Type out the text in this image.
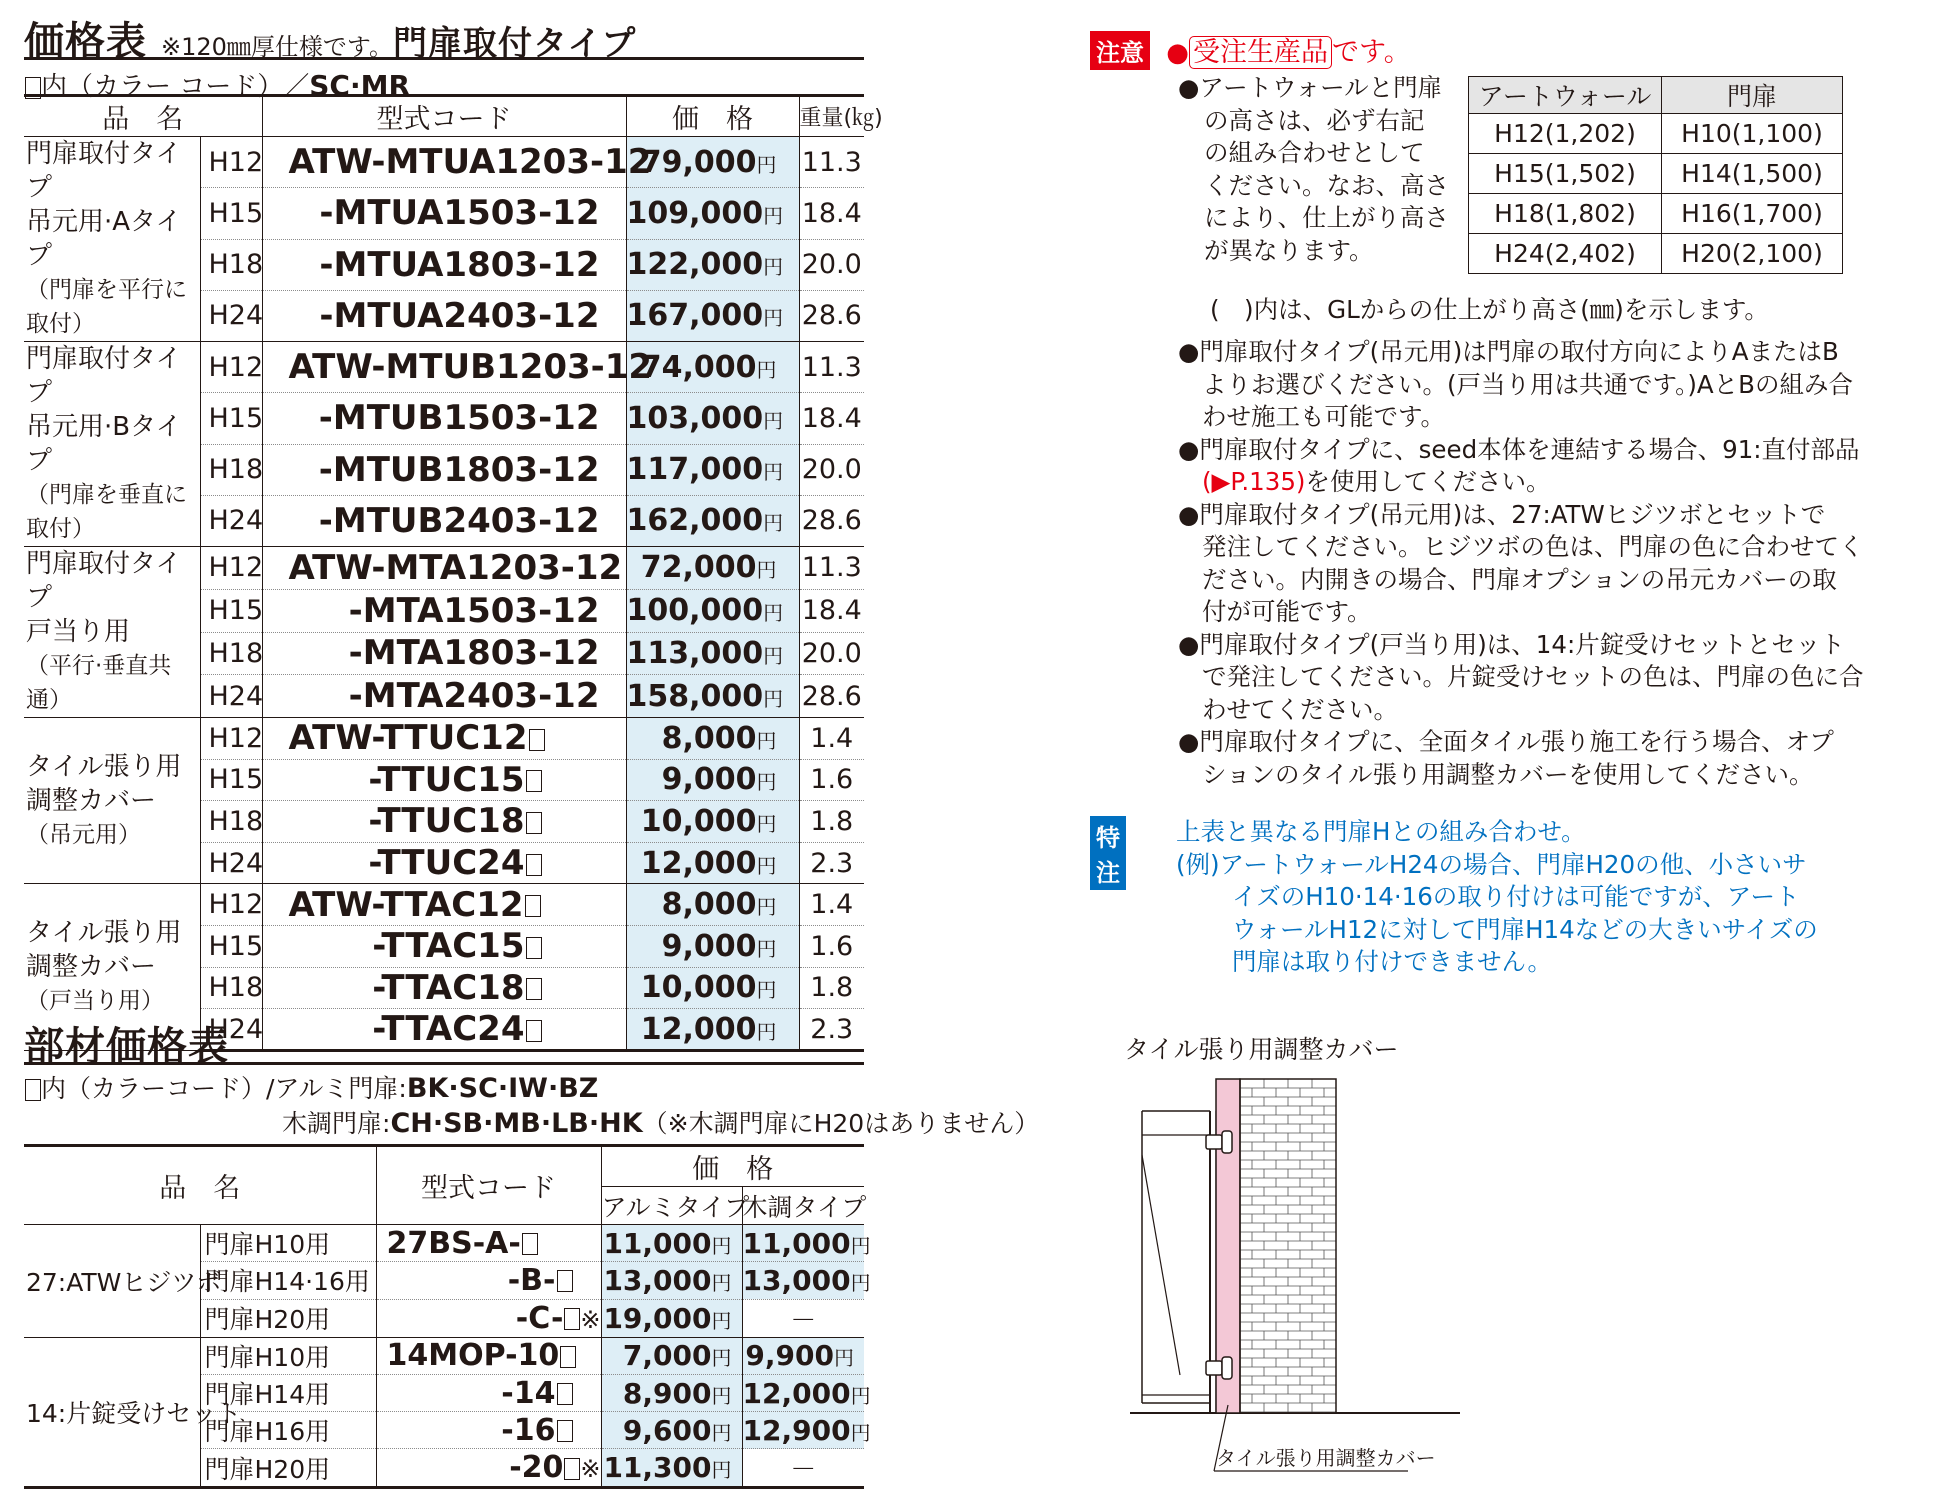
価格表 ※120㎜厚仕様です。門扉取付タイプ
内（カラー コード）／SC·MR
品　名		型式コード	価　格	重量(㎏)

門扉取付タイプ
吊元用·Aタイプ
（門扉を平行に取付）	H12	ATW-MTUA1203-12	79,000円	11.3
	H15	-MTUA1503-12	109,000円	18.4
	H18	-MTUA1803-12	122,000円	20.0
	H24	-MTUA2403-12	167,000円	28.6

門扉取付タイプ
吊元用·Bタイプ
（門扉を垂直に取付）	H12	ATW-MTUB1203-12	74,000円	11.3
	H15	-MTUB1503-12	103,000円	18.4
	H18	-MTUB1803-12	117,000円	20.0
	H24	-MTUB2403-12	162,000円	28.6

門扉取付タイプ
戸当り用
（平行·垂直共通）	H12	ATW-MTA1203-12	72,000円	11.3
	H15	-MTA1503-12	100,000円	18.4
	H18	-MTA1803-12	113,000円	20.0
	H24	-MTA2403-12	158,000円	28.6

タイル張り用
調整カバー
（吊元用）	H12	ATW-TTUC12	8,000円	1.4
	H15	-TTUC15	9,000円	1.6
	H18	-TTUC18	10,000円	1.8
	H24	-TTUC24	12,000円	2.3

タイル張り用
調整カバー
（戸当り用）	H12	ATW-TTAC12	8,000円	1.4
	H15	-TTAC15	9,000円	1.6
	H18	-TTAC18	10,000円	1.8
	H24	-TTAC24	12,000円	2.3
部材価格表
内（カラーコード）/アルミ門扉:BK·SC·IW·BZ
木調門扉:CH·SB·MB·LB·HK（※木調門扉にH20はありません）
品　名		型式コード	価　格	
			アルミタイプ	木調タイプ
27:ATWヒジツボ	門扉H10用	27BS-A-	11,000円	11,000円
	門扉H14·16用	-B-	13,000円	13,000円
	門扉H20用	-C- ※	19,000円	－
14:片錠受けセット	門扉H10用	14MOP-10	7,000円	9,900円
	門扉H14用	-14	8,900円	12,000円
	門扉H16用	-16	9,600円	12,900円
	門扉H20用	-20 ※	11,300円	－
注意 ● 受注生産品 です。
●アートウォールと門扉
の高さは、必ず右記
の組み合わせとして
ください。なお、高さ
により、仕上がり高さ
が異なります。
アートウォール	門扉
H12(1,202)	H10(1,100)
H15(1,502)	H14(1,500)
H18(1,802)	H16(1,700)
H24(2,402)	H20(2,100)
(　)内は、GLからの仕上がり高さ(㎜)を示します。
●門扉取付タイプ(吊元用)は門扉の取付方向によりAまたはB
よりお選びください。(戸当り用は共通です。)AとBの組み合
わせ施工も可能です。
●門扉取付タイプに、seed本体を連結する場合、91:直付部品
(▶P.135)を使用してください。
●門扉取付タイプ(吊元用)は、27:ATWヒジツボとセットで
発注してください。ヒジツボの色は、門扉の色に合わせてく
ださい。内開きの場合、門扉オプションの吊元カバーの取
付が可能です。
●門扉取付タイプ(戸当り用)は、14:片錠受けセットとセット
で発注してください。片錠受けセットの色は、門扉の色に合
わせてください。
●門扉取付タイプに、全面タイル張り施工を行う場合、オプ
ションのタイル張り用調整カバーを使用してください。
特注
上表と異なる門扉Hとの組み合わせ。
(例)アートウォールH24の場合、門扉H20の他、小さいサ
イズのH10·14·16の取り付けは可能ですが、アート
ウォールH12に対して門扉H14などの大きいサイズの
門扉は取り付けできません。
タイル張り用調整カバー
タイル張り用調整カバー
